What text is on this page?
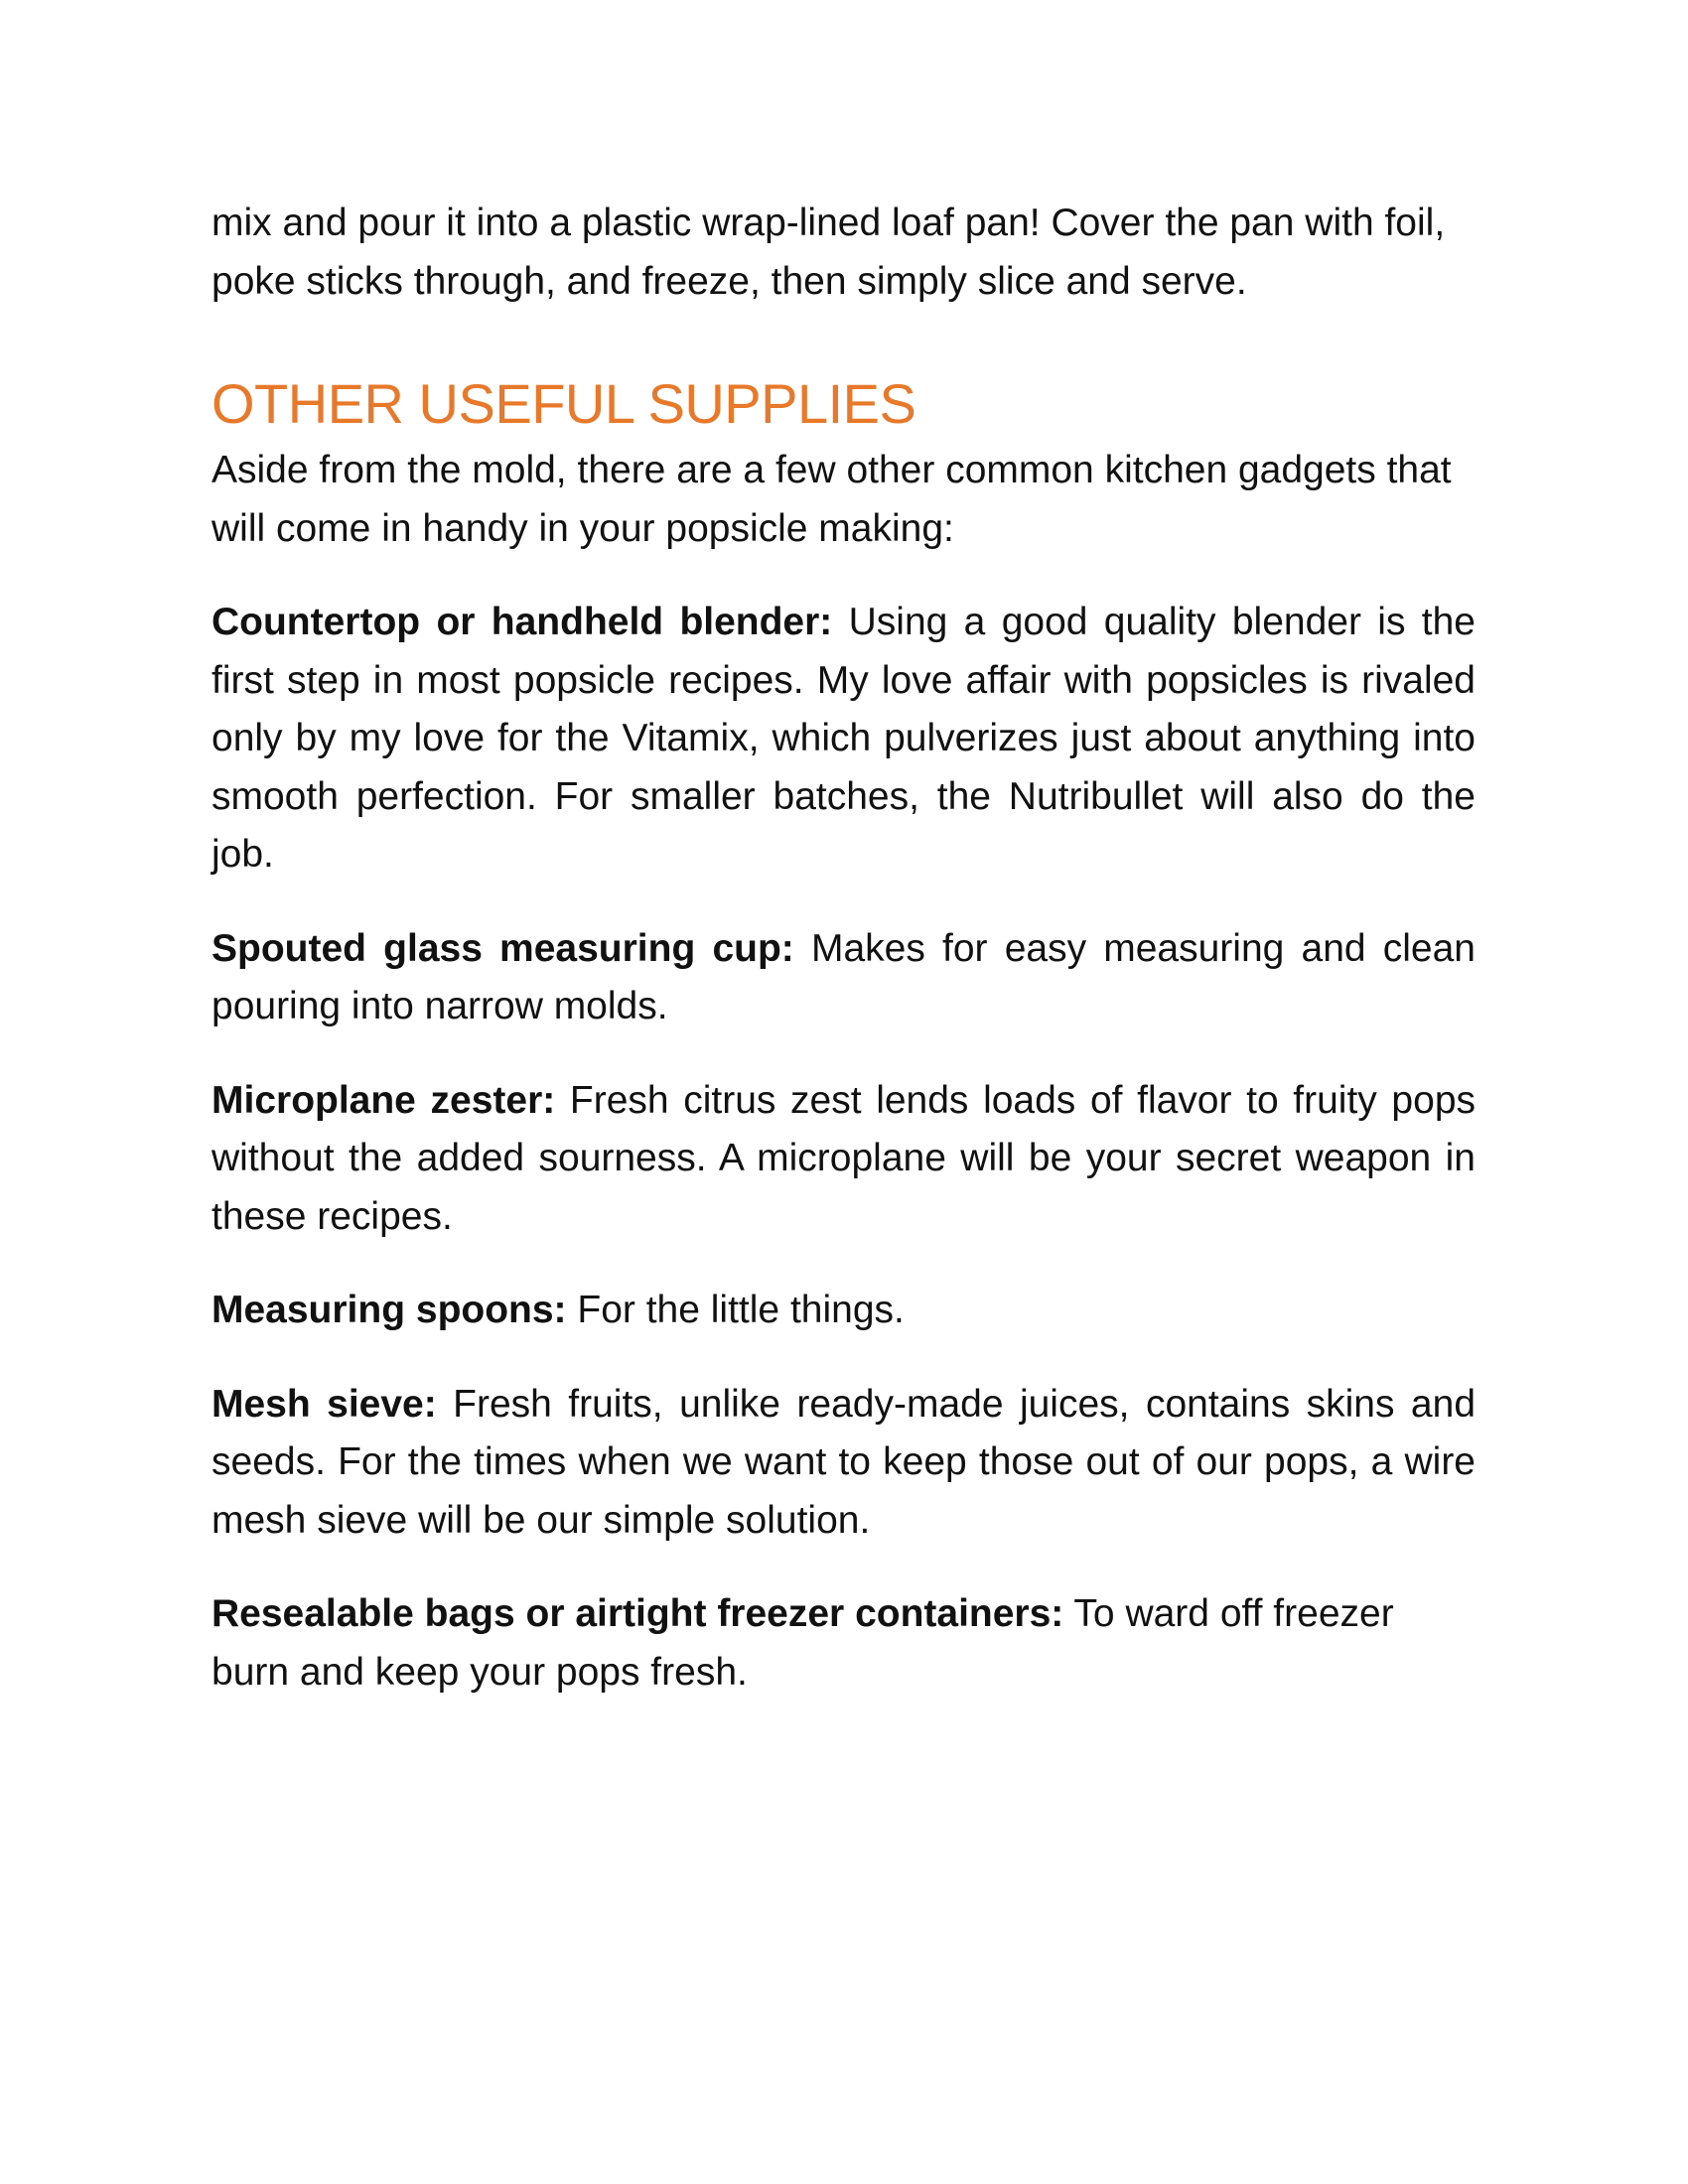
mix and pour it into a plastic wrap-lined loaf pan! Cover the pan with foil, poke sticks through, and freeze, then simply slice and serve.

OTHER USEFUL SUPPLIES

Aside from the mold, there are a few other common kitchen gadgets that will come in handy in your popsicle making:

Countertop or handheld blender: Using a good quality blender is the first step in most popsicle recipes. My love affair with popsicles is rivaled only by my love for the Vitamix, which pulverizes just about anything into smooth perfection. For smaller batches, the Nutribullet will also do the job.

Spouted glass measuring cup: Makes for easy measuring and clean pouring into narrow molds.

Microplane zester: Fresh citrus zest lends loads of flavor to fruity pops without the added sourness. A microplane will be your secret weapon in these recipes.

Measuring spoons: For the little things.

Mesh sieve: Fresh fruits, unlike ready-made juices, contains skins and seeds. For the times when we want to keep those out of our pops, a wire mesh sieve will be our simple solution.

Resealable bags or airtight freezer containers: To ward off freezer burn and keep your pops fresh.
